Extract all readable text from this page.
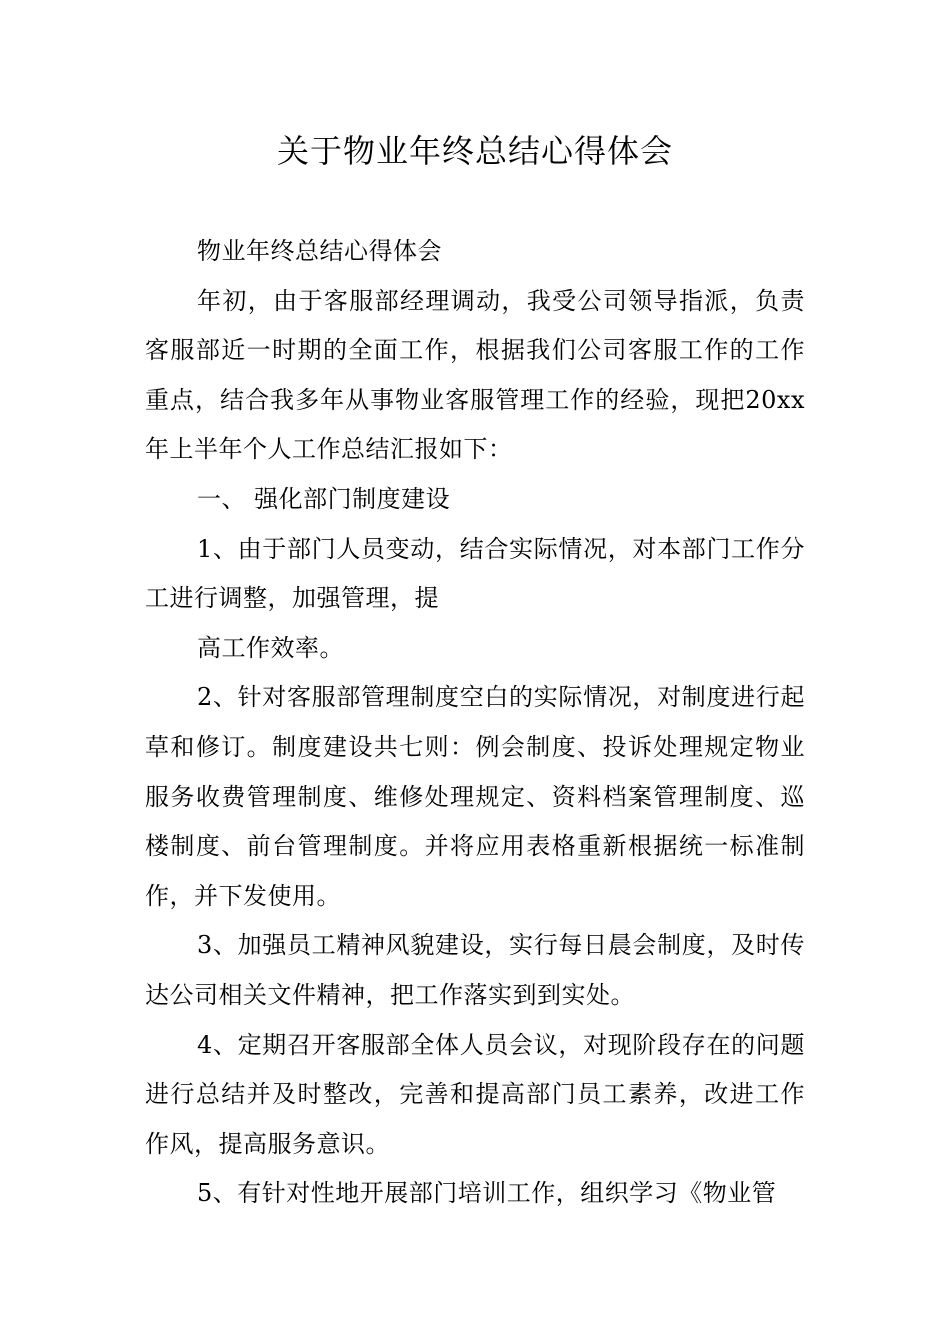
关于物业年终总结心得体会

物业年终总结心得体会

年初，由于客服部经理调动，我受公司领导指派，负责客服部近一时期的全面工作，根据我们公司客服工作的工作重点，结合我多年从事物业客服管理工作的经验，现把20xx年上半年个人工作总结汇报如下：

一、 强化部门制度建设

1、由于部门人员变动，结合实际情况，对本部门工作分工进行调整，加强管理，提

高工作效率。

2、针对客服部管理制度空白的实际情况，对制度进行起草和修订。制度建设共七则：例会制度、投诉处理规定物业服务收费管理制度、维修处理规定、资料档案管理制度、巡楼制度、前台管理制度。并将应用表格重新根据统一标准制作，并下发使用。

3、加强员工精神风貌建设，实行每日晨会制度，及时传达公司相关文件精神，把工作落实到到实处。

4、定期召开客服部全体人员会议，对现阶段存在的问题进行总结并及时整改，完善和提高部门员工素养，改进工作作风，提高服务意识。

5、有针对性地开展部门培训工作，组织学习《物业管
